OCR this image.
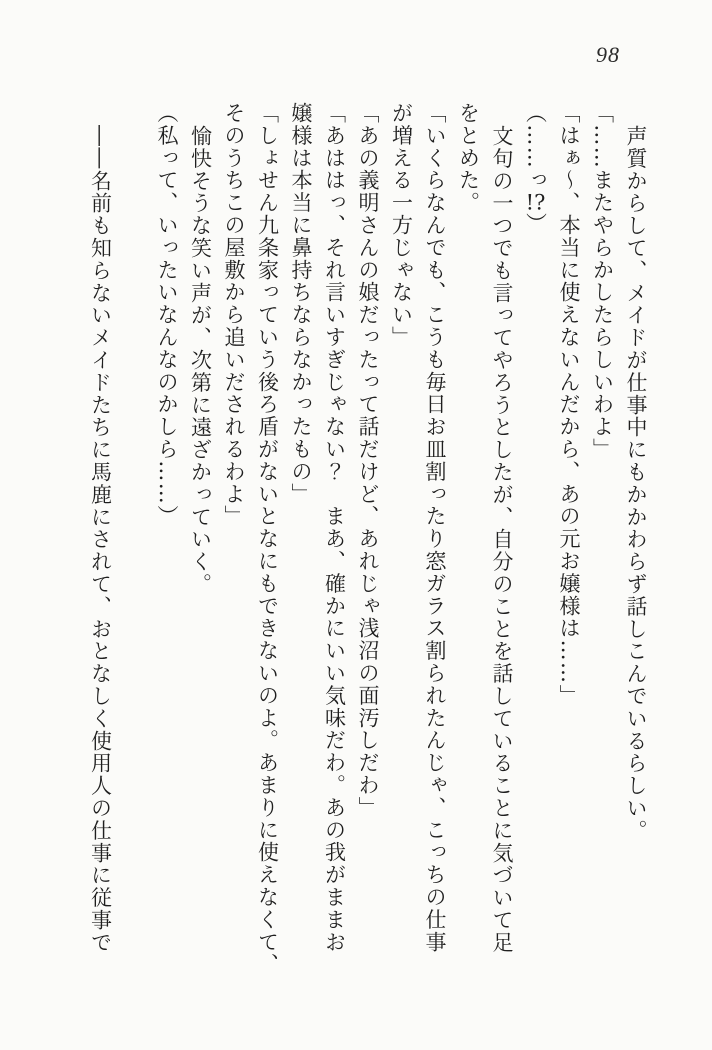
98

声質からして、メイドが仕事中にもかかわらず話しこんでいるらしい。

「……またやらかしたらしいわよ」

「はぁ～、本当に使えないんだから、あの元お嬢様は……」

（……っ!?）

文句の一つでも言ってやろうとしたが、自分のことを話していることに気づいて足

をとめた。

「いくらなんでも、こうも毎日お皿割ったり窓ガラス割られたんじゃ、こっちの仕事

が増える一方じゃない」

「あの義明さんの娘だったって話だけど、あれじゃ浅沼の面汚しだわ」

「あははっ、それ言いすぎじゃない？　まあ、確かにいい気味だわ。あの我がままお

嬢様は本当に鼻持ちならなかったもの」

「しょせん九条家っていう後ろ盾がないとなにもできないのよ。あまりに使えなくて、

そのうちこの屋敷から追いだされるわよ」

愉快そうな笑い声が、次第に遠ざかっていく。

（私って、いったいなんなのかしら……）

――名前も知らないメイドたちに馬鹿にされて、おとなしく使用人の仕事に従事で
